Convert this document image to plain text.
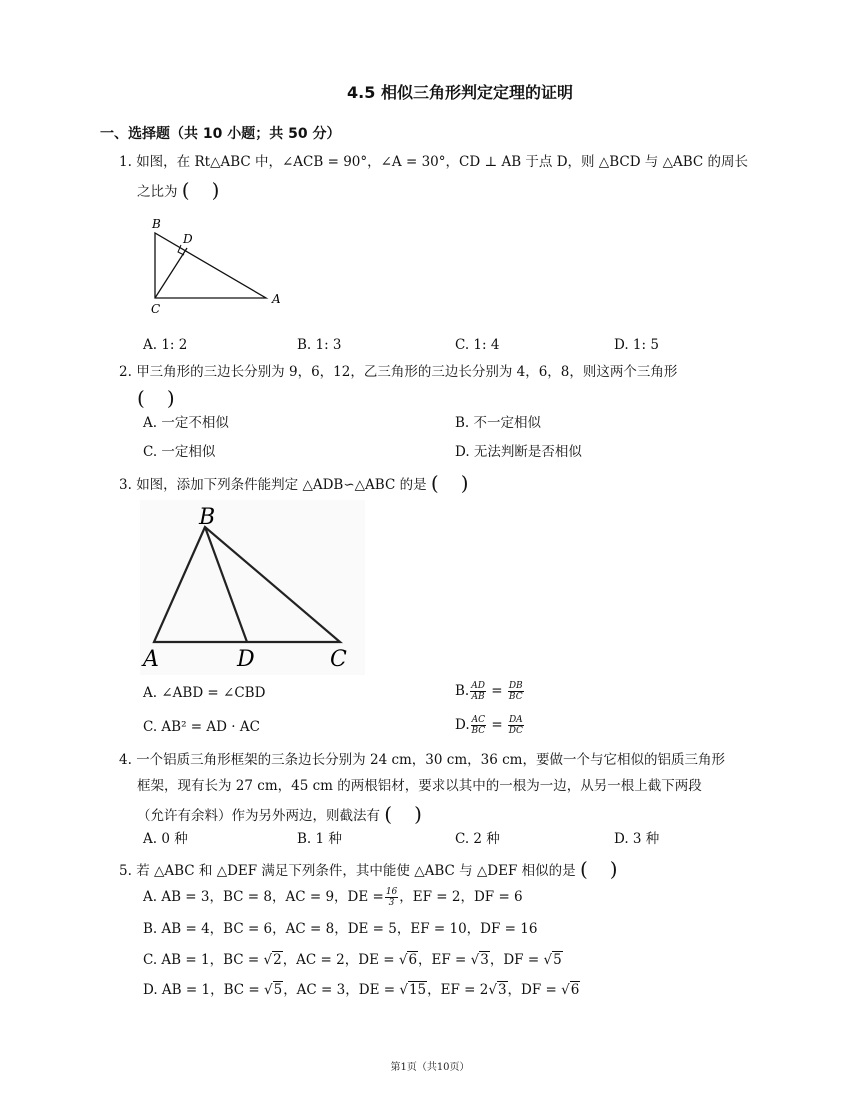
4.5 相似三角形判定定理的证明
一、选择题（共 10 小题；共 50 分）
1. 如图，在 Rt△ABC 中，∠ACB = 90°，∠A = 30°，CD ⊥ AB 于点 D，则 △BCD 与 △ABC 的周长
之比为 ( )
B
D
C
A
A. 1: 2	B. 1: 3	C. 1: 4	D. 1: 5
2. 甲三角形的三边长分别为 9，6，12，乙三角形的三边长分别为 4，6，8，则这两个三角形
( )
A. 一定不相似	B. 不一定相似
C. 一定相似	D. 无法判断是否相似
3. 如图，添加下列条件能判定 △ADB∽△ABC 的是 ( )
B
A	D	C
A. ∠ABD = ∠CBD	B. $\frac{AD}{AB} = \frac{DB}{BC}$
C. AB² = AD · AC	D. $\frac{AC}{BC} = \frac{DA}{DC}$
4. 一个铝质三角形框架的三条边长分别为 24 cm，30 cm，36 cm，要做一个与它相似的铝质三角形
框架，现有长为 27 cm，45 cm 的两根铝材，要求以其中的一根为一边，从另一根上截下两段
（允许有余料）作为另外两边，则截法有 ( )
A. 0 种	B. 1 种	C. 2 种	D. 3 种
5. 若 △ABC 和 △DEF 满足下列条件，其中能使 △ABC 与 △DEF 相似的是 ( )
A. AB = 3，BC = 8，AC = 9，DE = $\frac{16}{3}$ ，EF = 2，DF = 6
B. AB = 4，BC = 6，AC = 8，DE = 5，EF = 10，DF = 16
C. AB = 1，BC = √2，AC = 2，DE = √6，EF = √3，DF = √5
D. AB = 1，BC = √5，AC = 3，DE = √15，EF = 2√3，DF = √6
第1页（共10页）
